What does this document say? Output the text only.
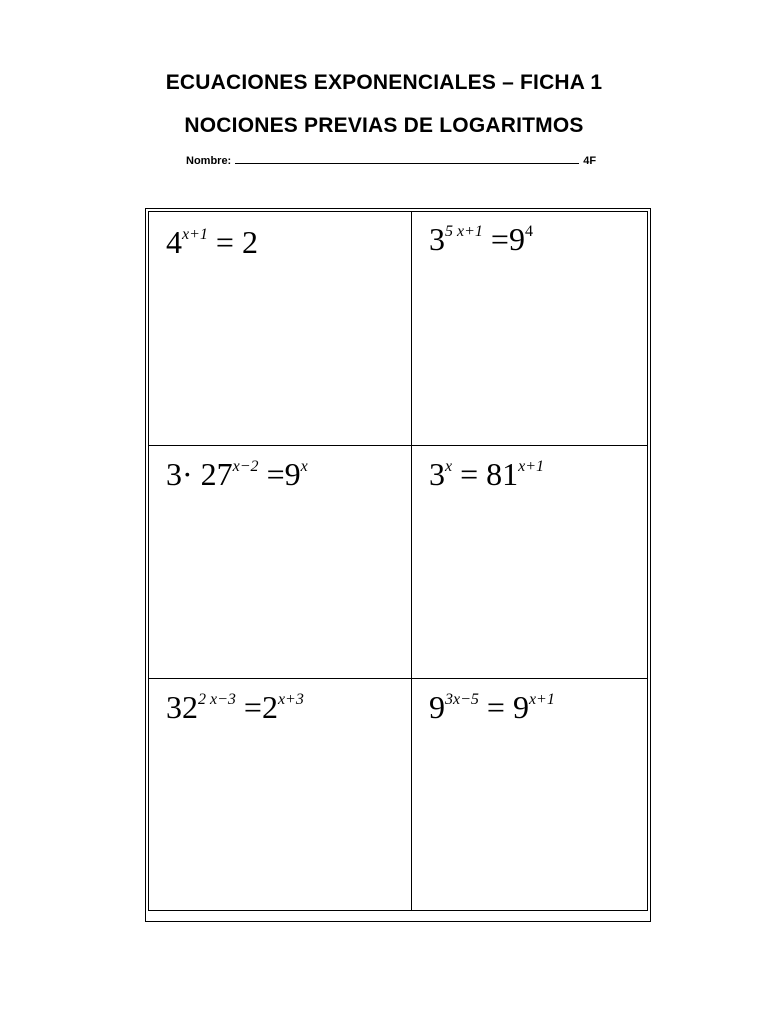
ECUACIONES EXPONENCIALES – FICHA 1
NOCIONES PREVIAS DE LOGARITMOS
Nombre:	4F
$4^{x+1} = 2$	$3^{5 x+1} =9^4$
$3\cdot 27^{x-2} =9^x$	$3^x = 81^{x+1}$
$32^{2 x-3} =2^{x+3}$	$9^{3x-5} = 9^{x+1}$
